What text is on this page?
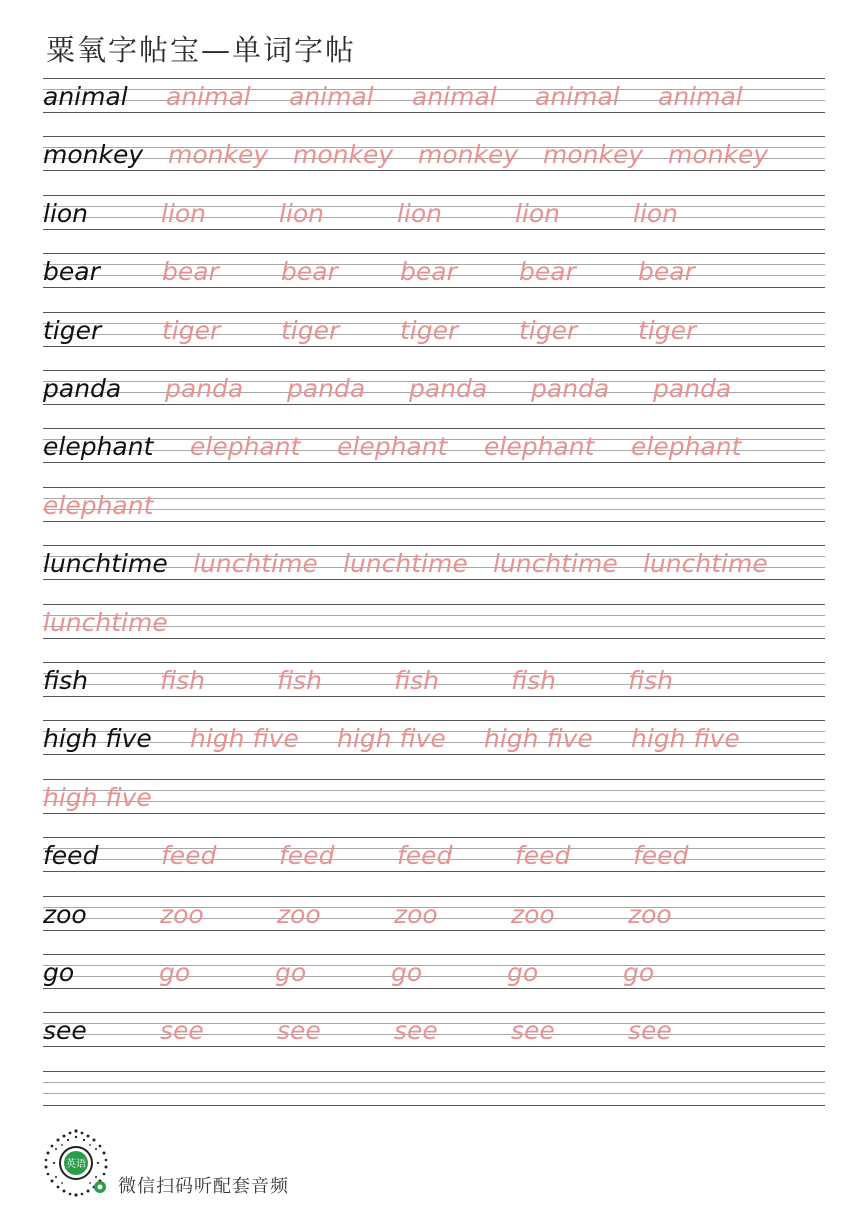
粟氧字帖宝—单词字帖
animal animal animal animal animal animal
monkey monkey monkey monkey monkey monkey
lion	lion	lion	lion	lion	lion
bear bear bear bear bear bear
tiger tiger tiger tiger tiger tiger
panda panda panda panda panda panda
elephant elephant elephant elephant elephant
elephant
lunchtime lunchtime lunchtime lunchtime lunchtime
lunchtime
fish	fish	fish	fish	fish	fish
high five high five high five high five high five
high five
feed	feed	feed	feed	feed	feed
zoo	zoo	zoo	zoo	zoo	zoo
go	go	go	go	go	go
see	see	see	see	see	see
英语
微信扫码听配套音频
